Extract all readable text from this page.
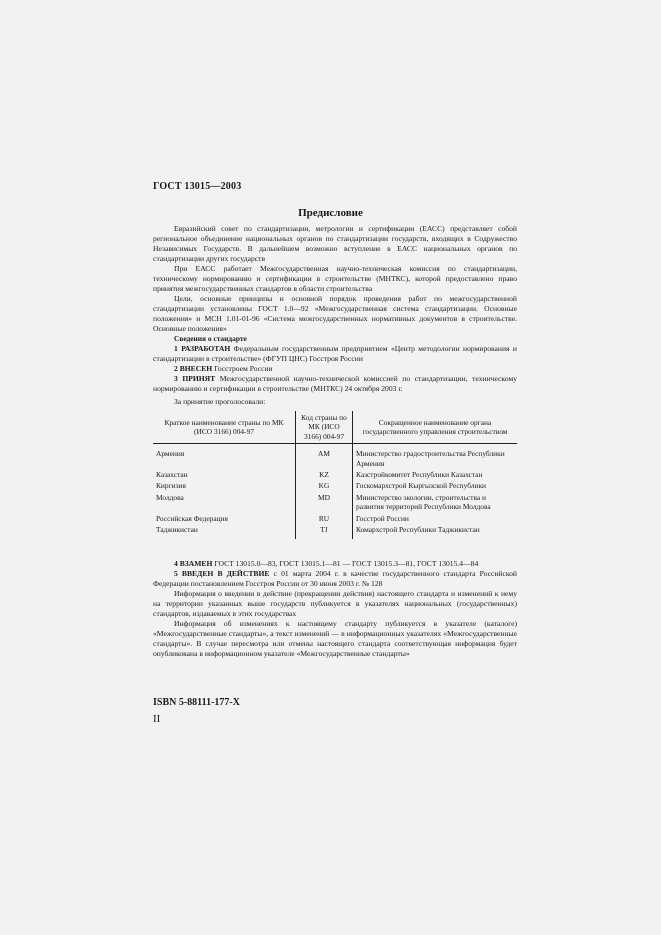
ГОСТ 13015—2003
Предисловие

Евразийский совет по стандартизации, метрологии и сертификации (ЕАСС) представляет собой региональное объединение национальных органов по стандартизации государств, входящих в Содружество Независимых Государств. В дальнейшем возможно вступление в ЕАСС национальных органов по стандартизации других государств

При ЕАСС работает Межгосударственная научно-техническая комиссия по стандартизации, техническому нормированию и сертификации в строительстве (МНТКС), которой предоставлено право принятия межгосударственных стандартов в области строительства

Цели, основные принципы и основной порядок проведения работ по межгосударственной стандартизации установлены ГОСТ 1.0—92 «Межгосударственная система стандартизации. Основные положения» и МСН 1.01-01-96 «Система межгосударственных нормативных документов в строительстве. Основные положения»

Сведения о стандарте

1 РАЗРАБОТАН Федеральным государственным предприятием «Центр методологии нормирования и стандартизации в строительстве» (ФГУП ЦНС) Госстроя России

2 ВНЕСЕН Госстроем России

3 ПРИНЯТ Межгосударственной научно-технической комиссией по стандартизации, техническому нормированию и сертификации в строительстве (МНТКС) 24 октября 2003 г.

За принятие проголосовали:

Краткое наименование страны по МК (ИСО 3166) 004-97	Код страны по МК (ИСО 3166) 004-97	Сокращенное наименование органа государственного управления строительством
Армения	AM	Министерство градостроительства Республики Армения
Казахстан	KZ	Казстройкомитет Республики Казахстан
Киргизия	KG	Госкомархстрой Кыргызской Республики
Молдова	MD	Министерство экологии, строительства и развития территорий Республики Молдова
Российская Федерация	RU	Госстрой России
Таджикистан	TJ	Комархстрой Республики Таджикистан

4 ВЗАМЕН ГОСТ 13015.0—83, ГОСТ 13015.1—81 — ГОСТ 13015.3—81, ГОСТ 13015.4—84

5 ВВЕДЕН В ДЕЙСТВИЕ с 01 марта 2004 г. в качестве государственного стандарта Российской Федерации постановлением Госстроя России от 30 июня 2003 г. № 128

Информация о введении в действие (прекращении действия) настоящего стандарта и изменений к нему на территории указанных выше государств публикуется в указателях национальных (государственных) стандартов, издаваемых в этих государствах

Информация об изменениях к настоящему стандарту публикуется в указателе (каталоге) «Межгосударственные стандарты», а текст изменений — в информационных указателях «Межгосударственные стандарты». В случае пересмотра или отмены настоящего стандарта соответствующая информация будет опубликована в информационном указателе «Межгосударственные стандарты»

ISBN 5-88111-177-X
II
